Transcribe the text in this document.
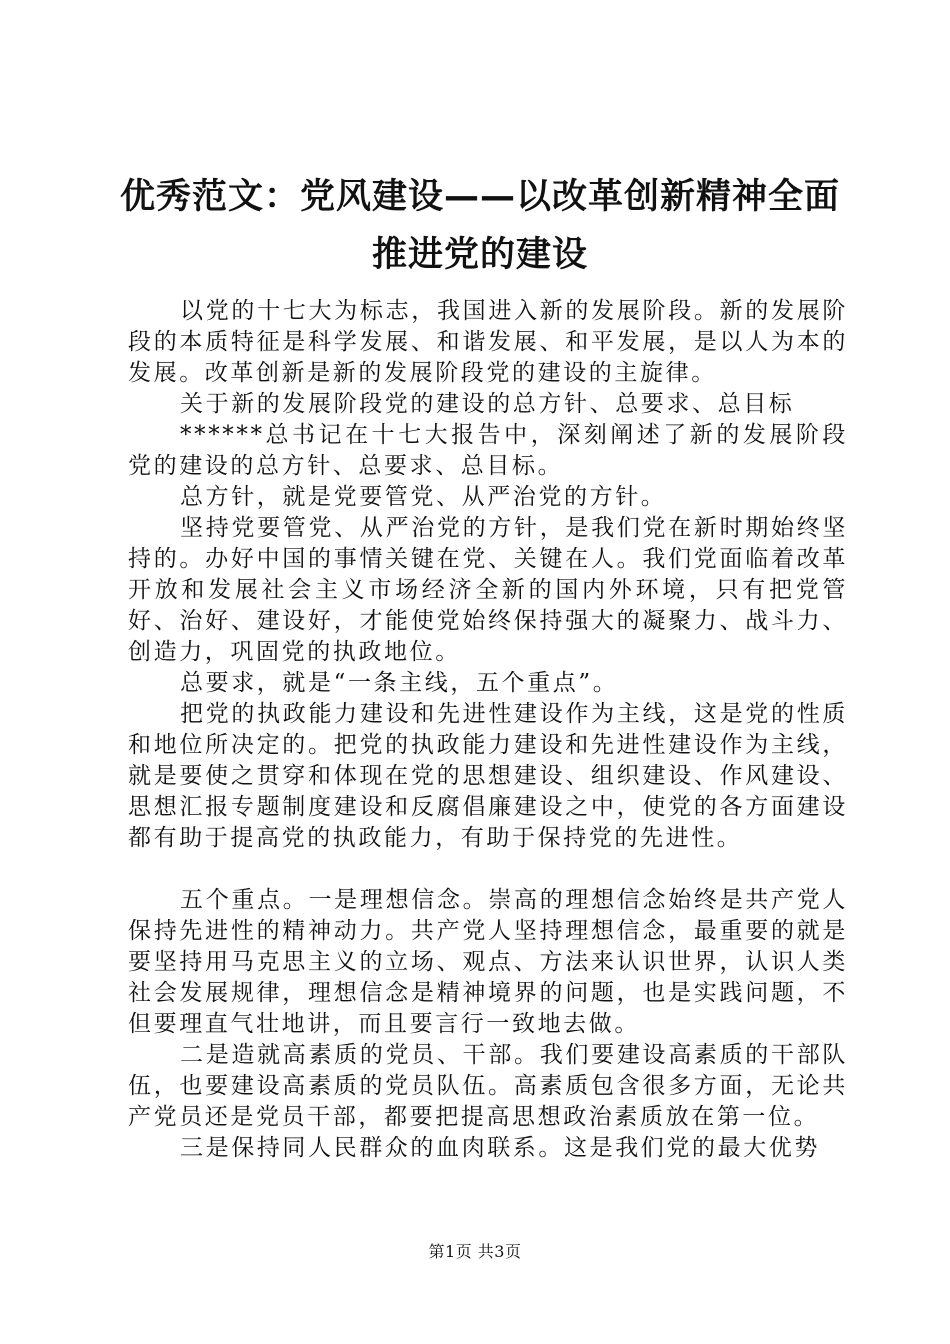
优秀范文：党风建设——以改革创新精神全面推进党的建设

以党的十七大为标志，我国进入新的发展阶段。新的发展阶段的本质特征是科学发展、和谐发展、和平发展，是以人为本的发展。改革创新是新的发展阶段党的建设的主旋律。

关于新的发展阶段党的建设的总方针、总要求、总目标

******总书记在十七大报告中，深刻阐述了新的发展阶段党的建设的总方针、总要求、总目标。

总方针，就是党要管党、从严治党的方针。

坚持党要管党、从严治党的方针，是我们党在新时期始终坚持的。办好中国的事情关键在党、关键在人。我们党面临着改革开放和发展社会主义市场经济全新的国内外环境，只有把党管好、治好、建设好，才能使党始终保持强大的凝聚力、战斗力、创造力，巩固党的执政地位。

总要求，就是“一条主线，五个重点”。

把党的执政能力建设和先进性建设作为主线，这是党的性质和地位所决定的。把党的执政能力建设和先进性建设作为主线，就是要使之贯穿和体现在党的思想建设、组织建设、作风建设、思想汇报专题制度建设和反腐倡廉建设之中，使党的各方面建设都有助于提高党的执政能力，有助于保持党的先进性。

五个重点。一是理想信念。崇高的理想信念始终是共产党人保持先进性的精神动力。共产党人坚持理想信念，最重要的就是要坚持用马克思主义的立场、观点、方法来认识世界，认识人类社会发展规律，理想信念是精神境界的问题，也是实践问题，不但要理直气壮地讲，而且要言行一致地去做。

二是造就高素质的党员、干部。我们要建设高素质的干部队伍，也要建设高素质的党员队伍。高素质包含很多方面，无论共产党员还是党员干部，都要把提高思想政治素质放在第一位。

三是保持同人民群众的血肉联系。这是我们党的最大优势

第1页 共3页
